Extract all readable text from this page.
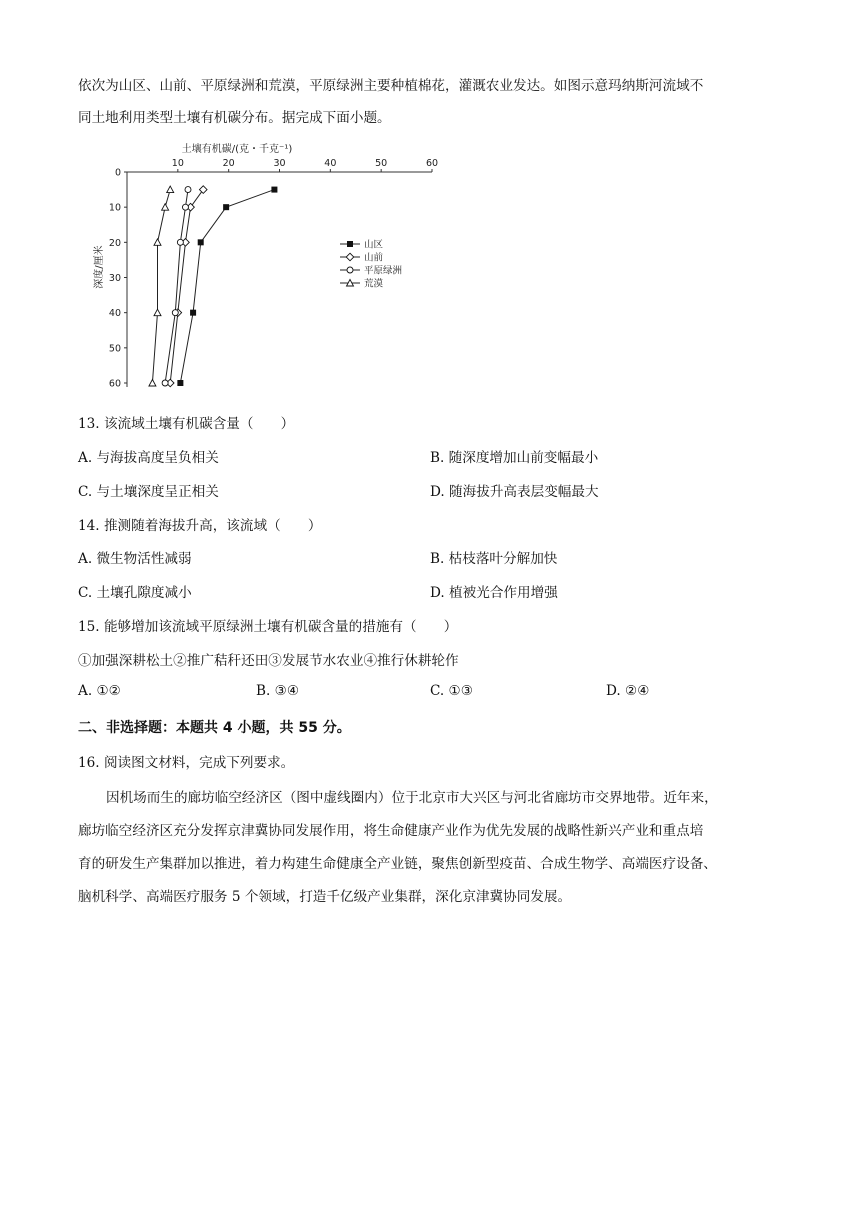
依次为山区、山前、平原绿洲和荒漠，平原绿洲主要种植棉花，灌溉农业发达。如图示意玛纳斯河流域不
同土地利用类型土壤有机碳分布。据完成下面小题。
10	20	30	40	50	60
0
10
20
30
40
50
60
山区
山前
平原绿洲
荒漠
土壤有机碳/(克・千克⁻¹)
深度/厘米
13. 该流域土壤有机碳含量（　　）
A. 与海拔高度呈负相关	B. 随深度增加山前变幅最小
C. 与土壤深度呈正相关	D. 随海拔升高表层变幅最大
14. 推测随着海拔升高，该流域（　　）
A. 微生物活性减弱	B. 枯枝落叶分解加快
C. 土壤孔隙度减小	D. 植被光合作用增强
15. 能够增加该流域平原绿洲土壤有机碳含量的措施有（　　）
①加强深耕松土②推广秸秆还田③发展节水农业④推行休耕轮作
A. ①②	B. ③④	C. ①③	D. ②④
二、非选择题：本题共 4 小题，共 55 分。
16. 阅读图文材料，完成下列要求。
因机场而生的廊坊临空经济区（图中虚线圈内）位于北京市大兴区与河北省廊坊市交界地带。近年来，
廊坊临空经济区充分发挥京津冀协同发展作用，将生命健康产业作为优先发展的战略性新兴产业和重点培
育的研发生产集群加以推进，着力构建生命健康全产业链，聚焦创新型疫苗、合成生物学、高端医疗设备、
脑机科学、高端医疗服务 5 个领域，打造千亿级产业集群，深化京津冀协同发展。
